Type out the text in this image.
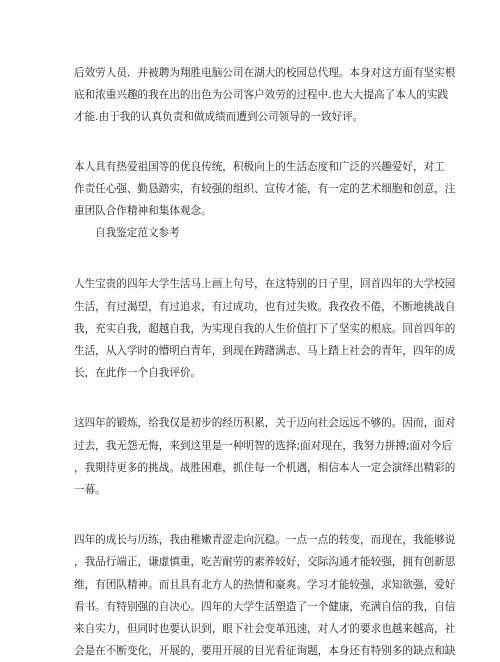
后效劳人员．并被聘为翔胜电脑公司在湖大的校园总代理。本身对这方面有坚实根
底和浓重兴趣的我在出的出色为公司客户效劳的过程中.也大大提高了本人的实践
才能.由于我的认真负责和做成绩而遭到公司领导的一致好评。

本人具有热爱祖国等的优良传统，积极向上的生活态度和广泛的兴趣爱好，对工
作责任心强、勤恳踏实，有较强的组织、宣传才能，有一定的艺术细胞和创意，注
重团队合作精神和集体观念。

自我鉴定范文参考

人生宝贵的四年大学生活马上画上句号，在这特别的日子里，回首四年的大学校园
生活，有过渴望，有过追求，有过成功，也有过失败。我孜孜不倦，不断地挑战自
我，充实自我，超越自我，为实现自我的人生价值打下了坚实的根底。回首四年的
生活，从入学时的懵明白青年，到现在踌躇满志、马上踏上社会的青年，四年的成
长，在此作一个自我评价。

这四年的锻炼，给我仅是初步的经历积累，关于迈向社会远远不够的。因而，面对
过去，我无怨无悔，来到这里是一种明智的选择;面对现在，我努力拼搏;面对今后
，我期待更多的挑战。战胜困难，抓住每一个机遇，相信本人一定会演绎出精彩的
一幕。

四年的成长与历练，我由稚嫩青涩走向沉稳。一点一点的转变，而现在，我能够说
，我品行端正，谦虚慎重，吃苦耐劳的素养较好，交际沟通才能较强，拥有创新思
维，有团队精神。而且具有北方人的热情和豪爽。学习才能较强，求知欲强，爱好
看书。有特别强的自决心。四年的大学生活塑造了一个健康，充满自信的我，自信
来自实力，但同时也要认识到，眼下社会变革迅速，对人才的要求也越来越高，社
会是在不断变化，开展的，要用开展的目光看征询题，本身还有特别多的缺点和缺
